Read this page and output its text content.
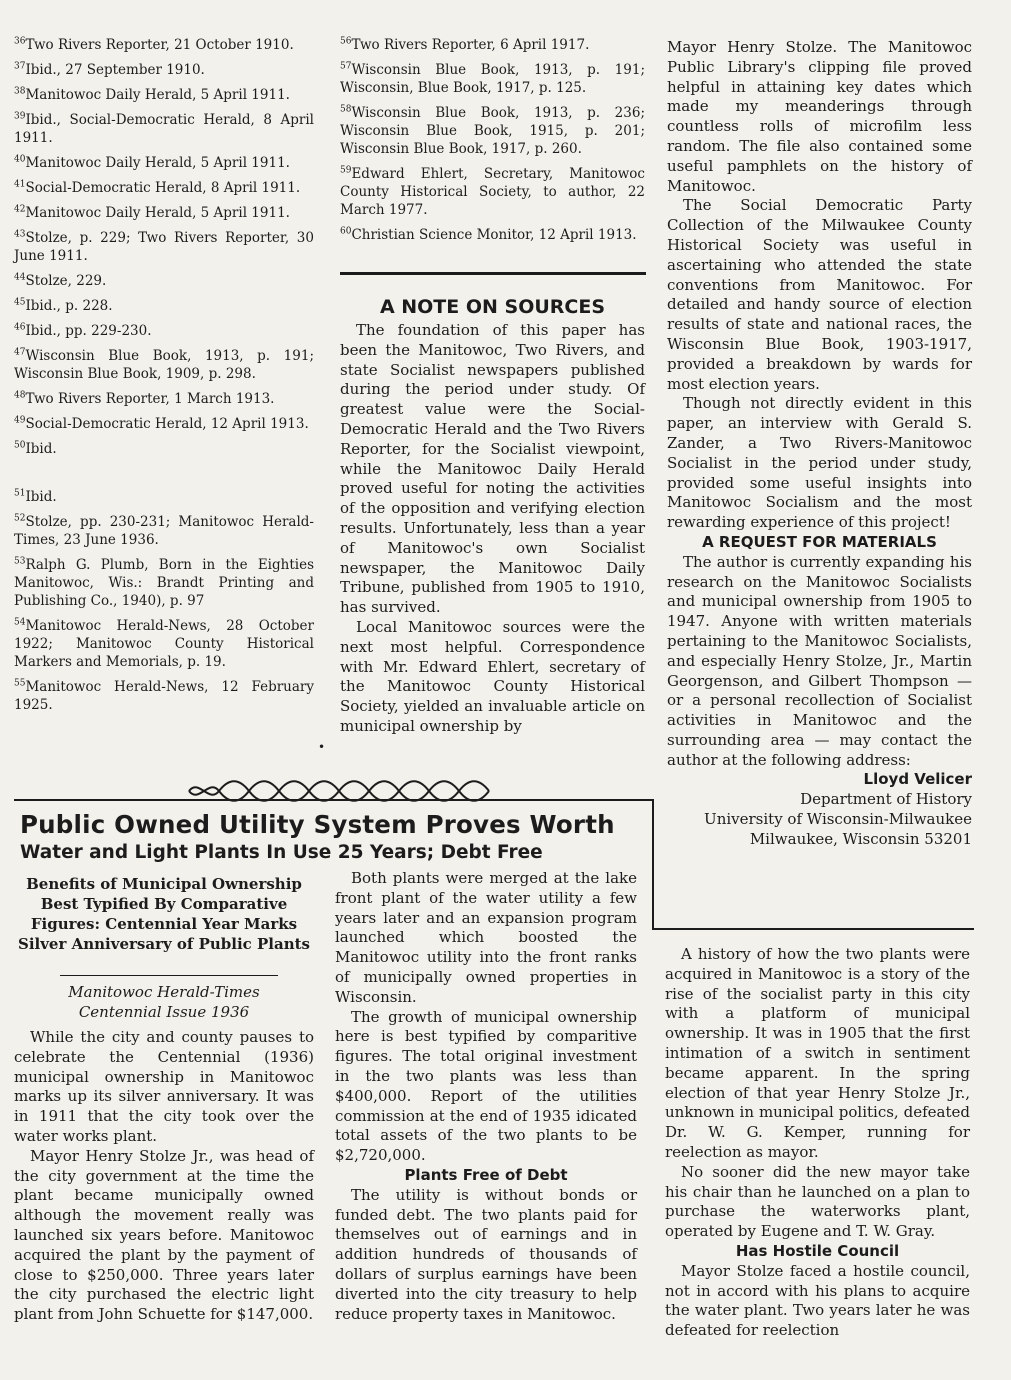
$^{36}$Two Rivers Reporter, 21 October 1910.
$^{37}$Ibid., 27 September 1910.
$^{38}$Manitowoc Daily Herald, 5 April 1911.
$^{39}$Ibid., Social-Democratic Herald, 8 April 1911.
$^{40}$Manitowoc Daily Herald, 5 April 1911.
$^{41}$Social-Democratic Herald, 8 April 1911.
$^{42}$Manitowoc Daily Herald, 5 April 1911.
$^{43}$Stolze, p. 229; Two Rivers Reporter, 30 June 1911.
$^{44}$Stolze, 229.
$^{45}$Ibid., p. 228.
$^{46}$Ibid., pp. 229-230.
$^{47}$Wisconsin Blue Book, 1913, p. 191; Wisconsin Blue Book, 1909, p. 298.
$^{48}$Two Rivers Reporter, 1 March 1913.
$^{49}$Social-Democratic Herald, 12 April 1913.
$^{50}$Ibid.
$^{51}$Ibid.
$^{52}$Stolze, pp. 230-231; Manitowoc Herald-Times, 23 June 1936.
$^{53}$Ralph G. Plumb, Born in the Eighties Manitowoc, Wis.: Brandt Printing and Publishing Co., 1940), p. 97
$^{54}$Manitowoc Herald-News, 28 October 1922; Manitowoc County Historical Markers and Memorials, p. 19.
$^{55}$Manitowoc Herald-News, 12 February 1925.
$^{56}$Two Rivers Reporter, 6 April 1917.
$^{57}$Wisconsin Blue Book, 1913, p. 191; Wisconsin, Blue Book, 1917, p. 125.
$^{58}$Wisconsin Blue Book, 1913, p. 236; Wisconsin Blue Book, 1915, p. 201; Wisconsin Blue Book, 1917, p. 260.
$^{59}$Edward Ehlert, Secretary, Manitowoc County Historical Society, to author, 22 March 1977.
$^{60}$Christian Science Monitor, 12 April 1913.
A NOTE ON SOURCES

The foundation of this paper has been the Manitowoc, Two Rivers, and state Socialist newspapers published during the period under study. Of greatest value were the Social-Democratic Herald and the Two Rivers Reporter, for the Socialist viewpoint, while the Manitowoc Daily Herald proved useful for noting the activities of the opposition and verifying election results. Unfortunately, less than a year of Manitowoc's own Socialist newspaper, the Manitowoc Daily Tribune, published from 1905 to 1910, has survived.

Local Manitowoc sources were the next most helpful. Correspondence with Mr. Edward Ehlert, secretary of the Manitowoc County Historical Society, yielded an invaluable article on municipal ownership by

•

Mayor Henry Stolze. The Manitowoc Public Library's clipping file proved helpful in attaining key dates which made my meanderings through countless rolls of microfilm less random. The file also contained some useful pamphlets on the history of Manitowoc.

The Social Democratic Party Collection of the Milwaukee County Historical Society was useful in ascertaining who attended the state conventions from Manitowoc. For detailed and handy source of election results of state and national races, the Wisconsin Blue Book, 1903-1917, provided a breakdown by wards for most election years.

Though not directly evident in this paper, an interview with Gerald S. Zander, a Two Rivers-Manitowoc Socialist in the period under study, provided some useful insights into Manitowoc Socialism and the most rewarding experience of this project!

A REQUEST FOR MATERIALS

The author is currently expanding his research on the Manitowoc Socialists and municipal ownership from 1905 to 1947. Anyone with written materials pertaining to the Manitowoc Socialists, and especially Henry Stolze, Jr., Martin Georgenson, and Gilbert Thompson — or a personal recollection of Socialist activities in Manitowoc and the surrounding area — may contact the author at the following address:

Lloyd Velicer
Department of History
University of Wisconsin-Milwaukee
Milwaukee, Wisconsin 53201
Public Owned Utility System Proves Worth
Water and Light Plants In Use 25 Years; Debt Free
Benefits of Municipal Ownership Best Typified By Comparative Figures: Centennial Year Marks Silver Anniversary of Public Plants
Manitowoc Herald-Times
Centennial Issue 1936

While the city and county pauses to celebrate the Centennial (1936) municipal ownership in Manitowoc marks up its silver anniversary. It was in 1911 that the city took over the water works plant.

Mayor Henry Stolze Jr., was head of the city government at the time the plant became municipally owned although the movement really was launched six years before. Manitowoc acquired the plant by the payment of close to $250,000. Three years later the city purchased the electric light plant from John Schuette for $147,000.

Both plants were merged at the lake front plant of the water utility a few years later and an expansion program launched which boosted the Manitowoc utility into the front ranks of municipally owned properties in Wisconsin.

The growth of municipal ownership here is best typified by comparitive figures. The total original investment in the two plants was less than $400,000. Report of the utilities commission at the end of 1935 idicated total assets of the two plants to be $2,720,000.

Plants Free of Debt

The utility is without bonds or funded debt. The two plants paid for themselves out of earnings and in addition hundreds of thousands of dollars of surplus earnings have been diverted into the city treasury to help reduce property taxes in Manitowoc.

A history of how the two plants were acquired in Manitowoc is a story of the rise of the socialist party in this city with a platform of municipal ownership. It was in 1905 that the first intimation of a switch in sentiment became apparent. In the spring election of that year Henry Stolze Jr., unknown in municipal politics, defeated Dr. W. G. Kemper, running for reelection as mayor.

No sooner did the new mayor take his chair than he launched on a plan to purchase the waterworks plant, operated by Eugene and T. W. Gray.

Has Hostile Council

Mayor Stolze faced a hostile council, not in accord with his plans to acquire the water plant. Two years later he was defeated for reelection
